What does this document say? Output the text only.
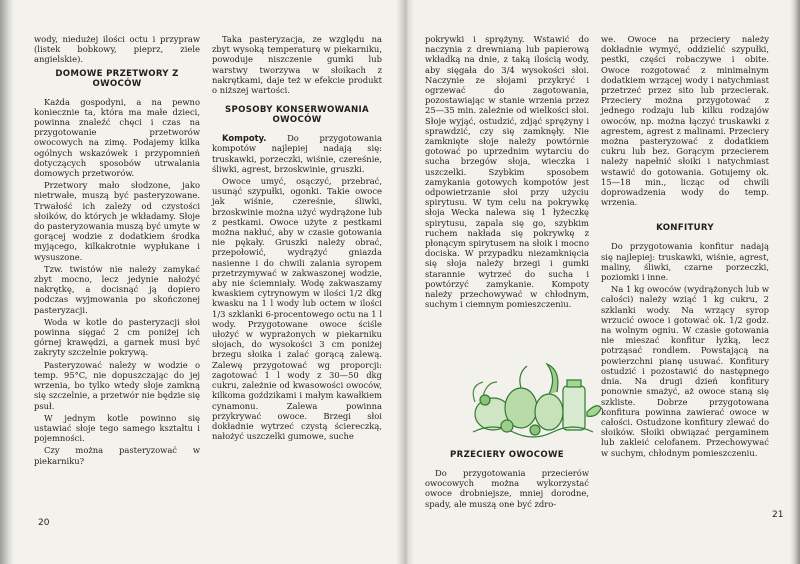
wody, niedużej ilości octu i przypraw (listek bobkowy, pieprz, ziele angielskie).

DOMOWE PRZETWORY Z OWOCÓW

Każda gospodyni, a na pewno koniecznie ta, która ma małe dzieci, powinna znaleźć chęci i czas na przygotowanie przetworów owocowych na zimę. Podajemy kilka ogólnych wskazówek i przypomnień dotyczących sposobów utrwalania domowych przetworów.

Przetwory mało słodzone, jako nietrwałe, muszą być pasteryzowane. Trwałość ich zależy od czystości słoików, do których je wkładamy. Słoje do pasteryzowania muszą być umyte w gorącej wodzie z dodatkiem środka myjącego, kilkakrotnie wypłukane i wysuszone.

Tzw. twistów nie należy zamykać zbyt mocno, lecz jedynie nałożyć nakrętkę, a docisnąć ją dopiero podczas wyjmowania po skończonej pasteryzacji.

Woda w kotle do pasteryzacji słoi powinna sięgać 2 cm poniżej ich górnej krawędzi, a garnek musi być zakryty szczelnie pokrywą.

Pasteryzować należy w wodzie o temp. 95°C, nie dopuszczając do jej wrzenia, bo tylko wtedy słoje zamkną się szczelnie, a przetwór nie będzie się psuł.

W jednym kotle powinno się ustawiać słoje tego samego kształtu i pojemności.

Czy można pasteryzować w piekarniku?

Taka pasteryzacja, ze względu na zbyt wysoką temperaturę w piekarniku, powoduje niszczenie gumki lub warstwy tworzywa w słoikach z nakrętkami, daje też w efekcie produkt o niższej wartości.

SPOSOBY KONSERWOWANIA OWOCÓW

Kompoty. Do przygotowania kompotów najlepiej nadają się: truskawki, porzeczki, wiśnie, czereśnie, śliwki, agrest, brzoskwinie, gruszki.

Owoce umyć, osączyć, przebrać, usunąć szypułki, ogonki. Takie owoce jak wiśnie, czereśnie, śliwki, brzoskwinie można użyć wydrążone lub z pestkami. Owoce użyte z pestkami można nakłuć, aby w czasie gotowania nie pękały. Gruszki należy obrać, przepołowić, wydrążyć gniazda nasienne i do chwili zalania syropem przetrzymywać w zakwaszonej wodzie, aby nie ściemniały. Wodę zakwaszamy kwaskiem cytrynowym w ilości 1/2 dkg kwasku na 1 l wody lub octem w ilości 1/3 szklanki 6-procentowego octu na 1 l wody. Przygotowane owoce ściśle ułożyć w wyprażonych w piekarniku słojach, do wysokości 3 cm poniżej brzegu słoika i zalać gorącą zalewą. Zalewę przygotować wg proporcji: zagotować 1 l wody z 30—50 dkg cukru, zależnie od kwasowości owoców, kilkoma goździkami i małym kawałkiem cynamonu. Zalewa powinna przykrywać owoce. Brzegi słoi dokładnie wytrzeć czystą ściereczką, nałożyć uszczelki gumowe, suche

20

pokrywki i sprężyny. Wstawić do naczynia z drewnianą lub papierową wkładką na dnie, z taką ilością wody, aby sięgała do 3/4 wysokości słoi. Naczynie ze słojami przykryć i ogrzewać do zagotowania, pozostawiając w stanie wrzenia przez 25—35 min. zależnie od wielkości słoi. Słoje wyjąć, ostudzić, zdjąć sprężyny i sprawdzić, czy się zamknęły. Nie zamknięte słoje należy powtórnie gotować po uprzednim wytarciu do sucha brzegów słoja, wieczka i uszczelki. Szybkim sposobem zamykania gotowych kompotów jest odpowietrzanie słoi przy użyciu spirytusu. W tym celu na pokrywkę słoja Wecka nalewa się 1 łyżeczkę spirytusu, zapala się go, szybkim ruchem nakłada się pokrywkę z płonącym spirytusem na słoik i mocno dociska. W przypadku niezamknięcia się słoja należy brzegi i gumki starannie wytrzeć do sucha i powtórzyć zamykanie. Kompoty należy przechowywać w chłodnym, suchym i ciemnym pomieszczeniu.

PRZECIERY OWOCOWE

Do przygotowania przecierów owocowych można wykorzystać owoce drobniejsze, mniej dorodne, spady, ale muszą one być zdro-

we. Owoce na przeciery należy dokładnie wymyć, oddzielić szypułki, pestki, części robaczywe i obite. Owoce rozgotować z minimalnym dodatkiem wrzącej wody i natychmiast przetrzeć przez sito lub przecierak. Przeciery można przygotować z jednego rodzaju lub kilku rodzajów owoców, np. można łączyć truskawki z agrestem, agrest z malinami. Przeciery można pasteryzować z dodatkiem cukru lub bez. Gorącym przecierem należy napełnić słoiki i natychmiast wstawić do gotowania. Gotujemy ok. 15—18 min., licząc od chwili doprowadzenia wody do temp. wrzenia.

KONFITURY

Do przygotowania konfitur nadają się najlepiej: truskawki, wiśnie, agrest, maliny, śliwki, czarne porzeczki, poziomki i inne.

Na 1 kg owoców (wydrążonych lub w całości) należy wziąć 1 kg cukru, 2 szklanki wody. Na wrzący syrop wrzucić owoce i gotować ok. 1/2 godz. na wolnym ogniu. W czasie gotowania nie mieszać konfitur łyżką, lecz potrząsać rondlem. Powstającą na powierzchni pianę usuwać. Konfitury ostudzić i pozostawić do następnego dnia. Na drugi dzień konfitury ponownie smażyć, aż owoce staną się szkliste. Dobrze przygotowana konfitura powinna zawierać owoce w całości. Ostudzone konfitury zlewać do słoików. Słoiki obwiązać pergaminem lub zakleić celofanem. Przechowywać w suchym, chłodnym pomieszczeniu.

21
